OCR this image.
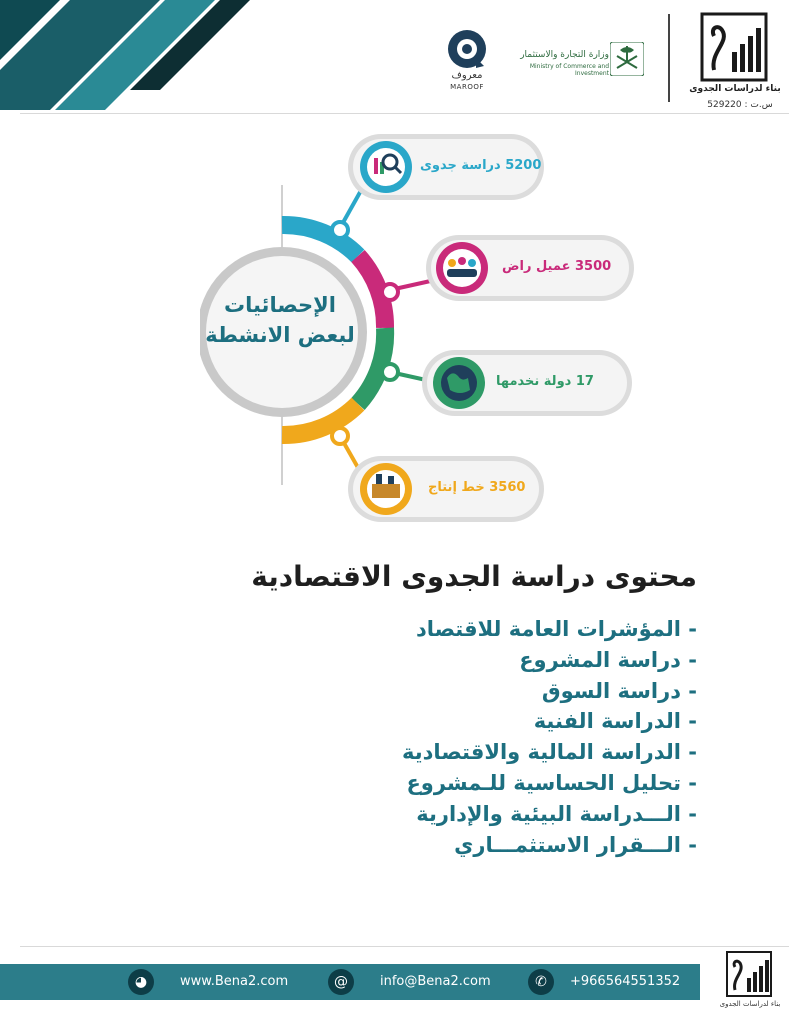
بناء لدراسات الجدوى
س.ت : 529220
وزارة التجارة والاستثمار
Ministry of Commerce and Investment
معروف
MAROOF
الإحصائيات
لبعض الانشطة
5200 دراسة جدوى
3500 عميل راض
17 دولة نخدمها
3560 خط إنتاج
محتوى دراسة الجدوى الاقتصادية
- المؤشرات العامة للاقتصاد
- دراسة المشروع
- دراسة السوق
- الدراسة الفنية
- الدراسة المالية والاقتصادية
- تحليل الحساسية للـمشروع
- الـــدراسة البيئية والإدارية
- الـــقرار الاستثمـــاري
◕	www.Bena2.com	@	info@Bena2.com	✆	+966564551352
بناء لدراسات الجدوى
